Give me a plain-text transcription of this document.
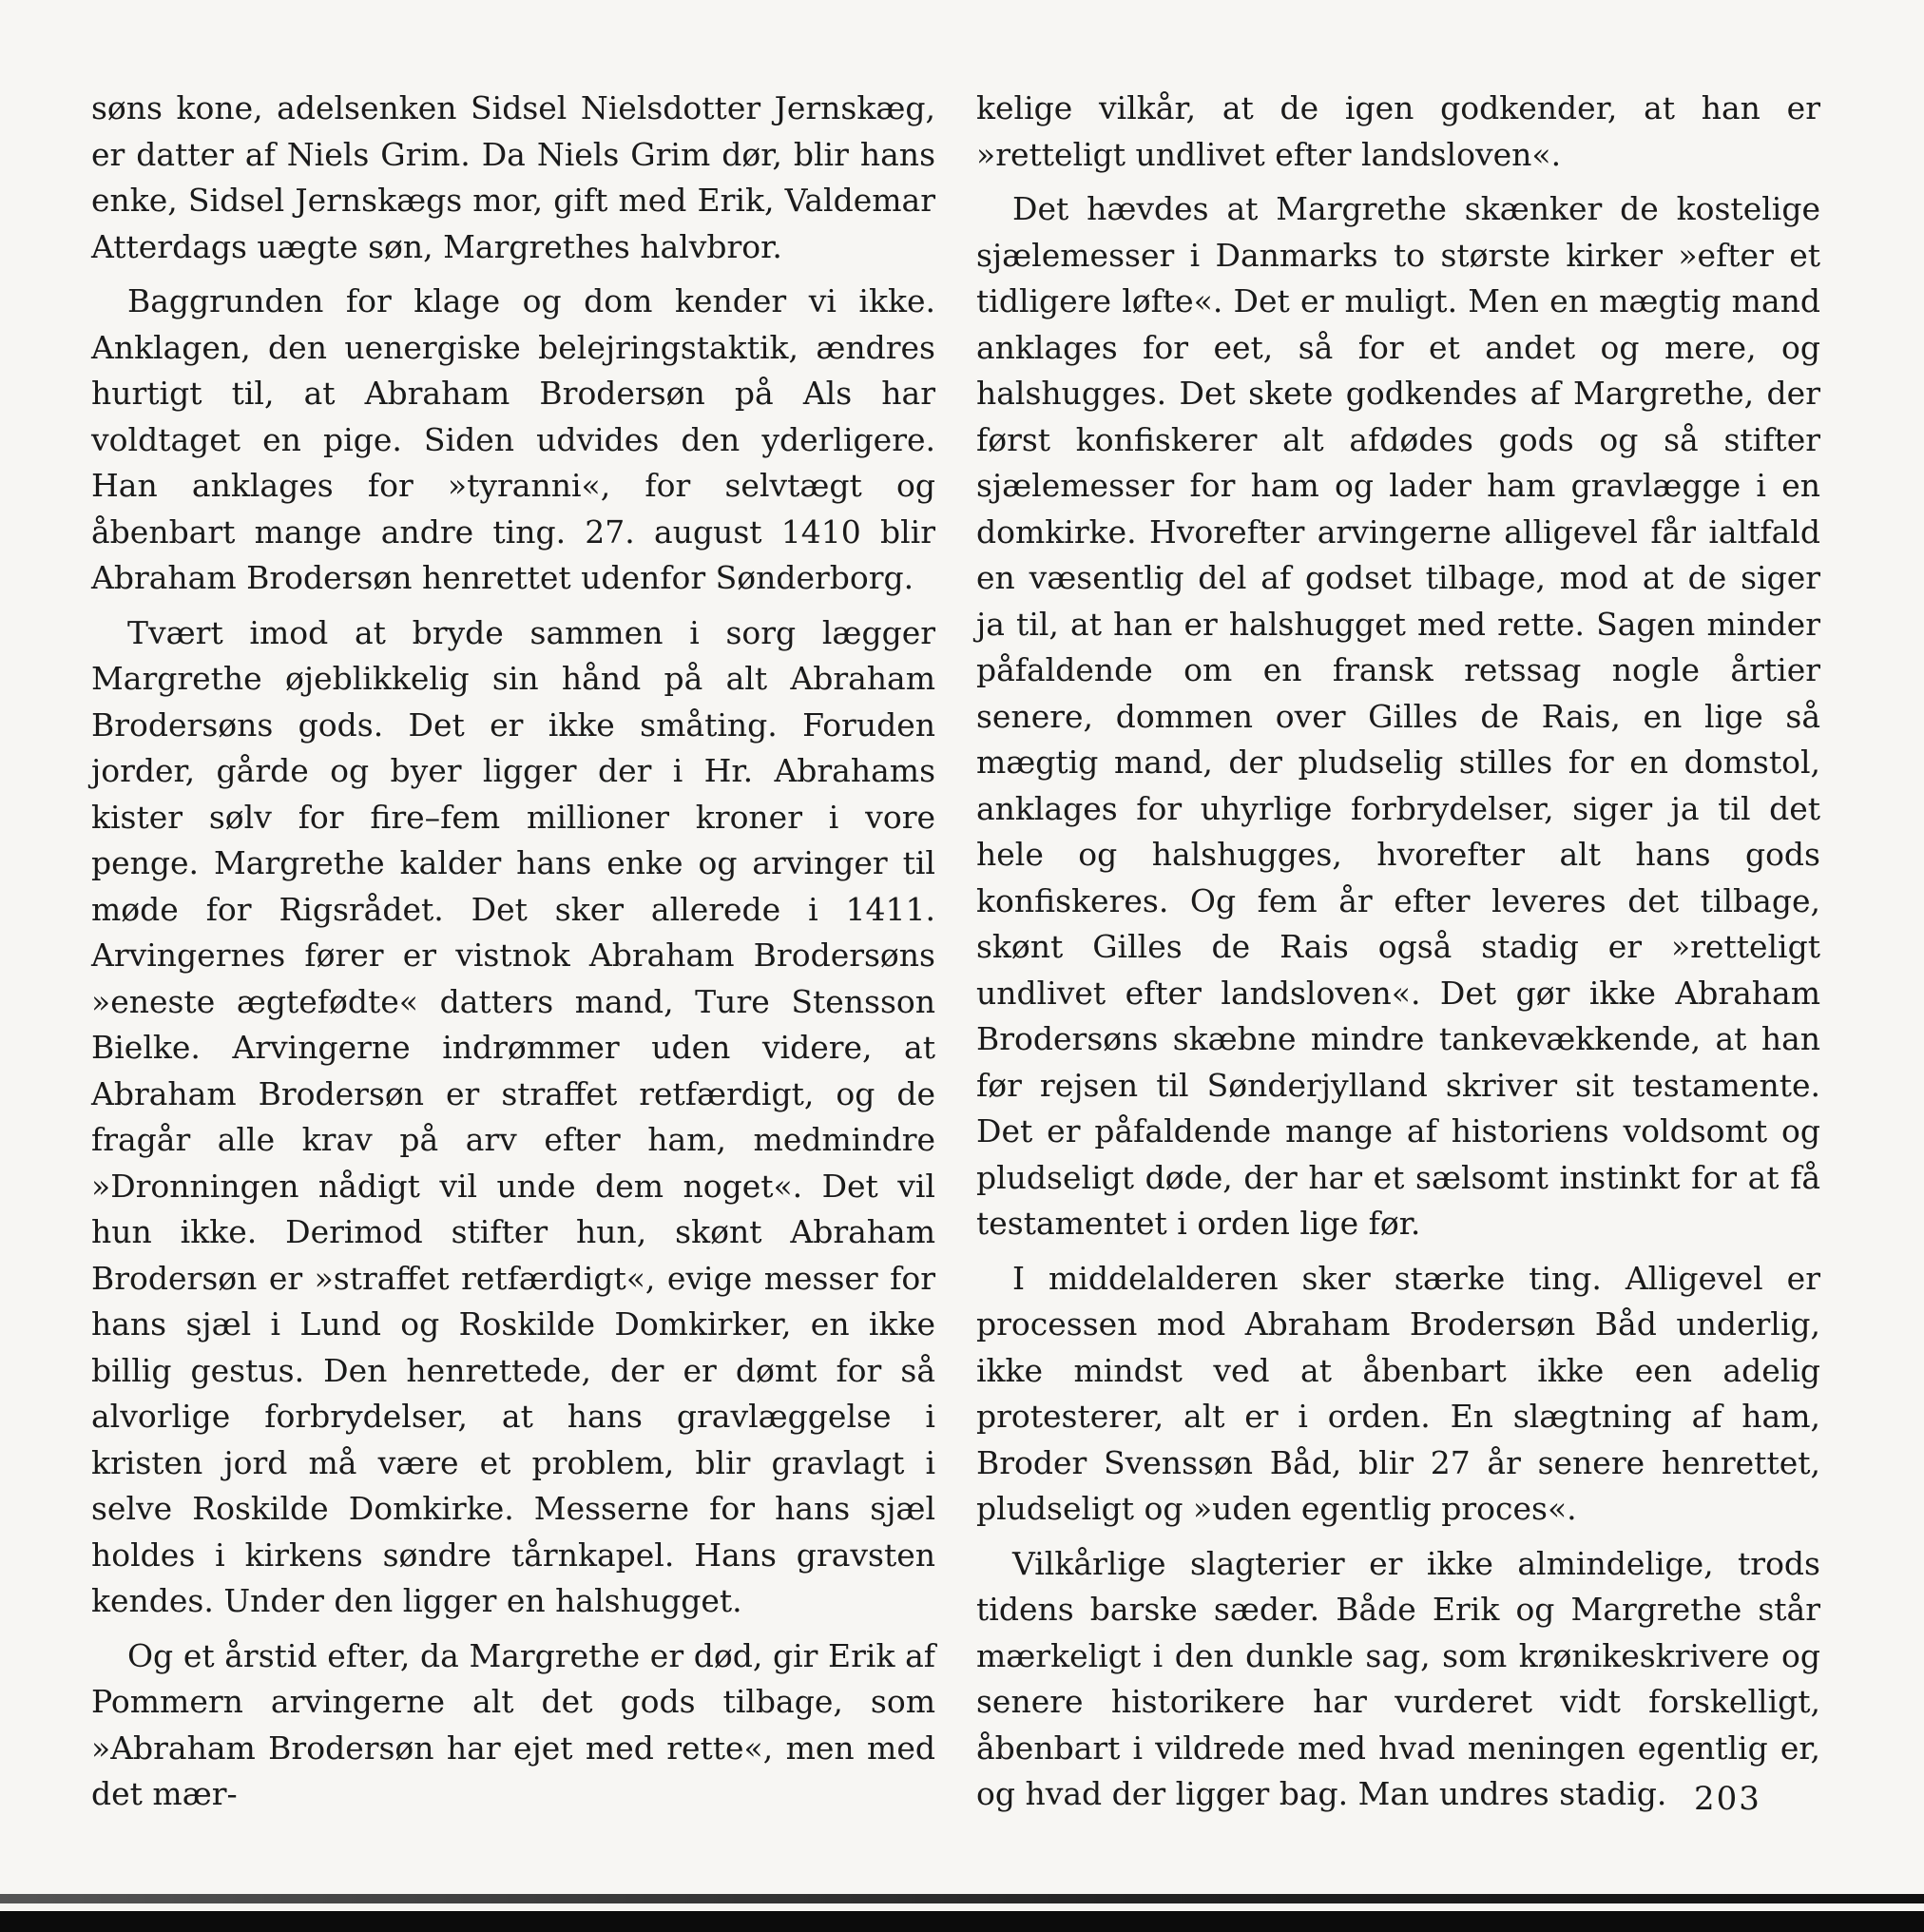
søns kone, adelsenken Sidsel Nielsdotter Jernskæg, er datter af Niels Grim. Da Niels Grim dør, blir hans enke, Sidsel Jernskægs mor, gift med Erik, Valdemar Atterdags uægte søn, Margrethes halvbror.

Baggrunden for klage og dom kender vi ikke. Anklagen, den uenergiske belejringstaktik, ændres hurtigt til, at Abraham Brodersøn på Als har voldtaget en pige. Siden udvides den yderligere. Han anklages for »tyranni«, for selvtægt og åbenbart mange andre ting. 27. august 1410 blir Abraham Brodersøn henrettet udenfor Sønderborg.

Tvært imod at bryde sammen i sorg lægger Margrethe øjeblikkelig sin hånd på alt Abraham Brodersøns gods. Det er ikke småting. Foruden jorder, gårde og byer ligger der i Hr. Abrahams kister sølv for fire–fem millioner kroner i vore penge. Margrethe kalder hans enke og arvinger til møde for Rigsrådet. Det sker allerede i 1411. Arvingernes fører er vistnok Abraham Brodersøns »eneste ægtefødte« datters mand, Ture Stensson Bielke. Arvingerne indrømmer uden videre, at Abraham Brodersøn er straffet retfærdigt, og de fragår alle krav på arv efter ham, medmindre »Dronningen nådigt vil unde dem noget«. Det vil hun ikke. Derimod stifter hun, skønt Abraham Brodersøn er »straffet retfærdigt«, evige messer for hans sjæl i Lund og Roskilde Domkirker, en ikke billig gestus. Den henrettede, der er dømt for så alvorlige forbrydelser, at hans gravlæggelse i kristen jord må være et problem, blir gravlagt i selve Roskilde Domkirke. Messerne for hans sjæl holdes i kirkens søndre tårnkapel. Hans gravsten kendes. Under den ligger en halshugget.

Og et årstid efter, da Margrethe er død, gir Erik af Pommern arvingerne alt det gods tilbage, som »Abraham Brodersøn har ejet med rette«, men med det mær-

kelige vilkår, at de igen godkender, at han er »retteligt undlivet efter landsloven«.

Det hævdes at Margrethe skænker de kostelige sjælemesser i Danmarks to største kirker »efter et tidligere løfte«. Det er muligt. Men en mægtig mand anklages for eet, så for et andet og mere, og halshugges. Det skete godkendes af Margrethe, der først konfiskerer alt afdødes gods og så stifter sjælemesser for ham og lader ham gravlægge i en domkirke. Hvorefter arvingerne alligevel får ialtfald en væsentlig del af godset tilbage, mod at de siger ja til, at han er halshugget med rette. Sagen minder påfaldende om en fransk retssag nogle årtier senere, dommen over Gilles de Rais, en lige så mægtig mand, der pludselig stilles for en domstol, anklages for uhyrlige forbrydelser, siger ja til det hele og halshugges, hvorefter alt hans gods konfiskeres. Og fem år efter leveres det tilbage, skønt Gilles de Rais også stadig er »retteligt undlivet efter landsloven«. Det gør ikke Abraham Brodersøns skæbne mindre tankevækkende, at han før rejsen til Sønderjylland skriver sit testamente. Det er påfaldende mange af historiens voldsomt og pludseligt døde, der har et sælsomt instinkt for at få testamentet i orden lige før.

I middelalderen sker stærke ting. Alligevel er processen mod Abraham Brodersøn Båd underlig, ikke mindst ved at åbenbart ikke een adelig protesterer, alt er i orden. En slægtning af ham, Broder Svenssøn Båd, blir 27 år senere henrettet, pludseligt og »uden egentlig proces«.

Vilkårlige slagterier er ikke almindelige, trods tidens barske sæder. Både Erik og Margrethe står mærkeligt i den dunkle sag, som krønikeskrivere og senere historikere har vurderet vidt forskelligt, åbenbart i vildrede med hvad meningen egentlig er, og hvad der ligger bag. Man undres stadig. 203
